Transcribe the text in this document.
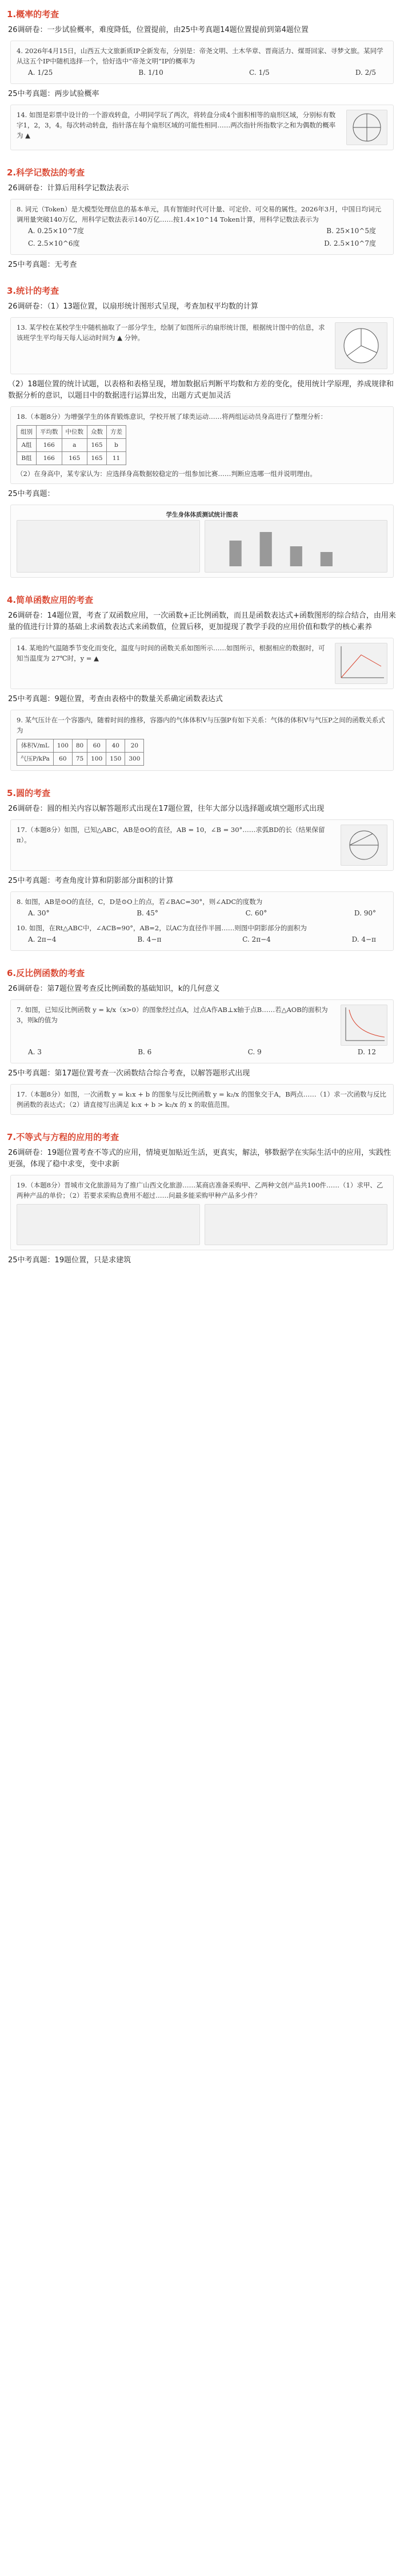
1.概率的考查
26调研卷：一步试验概率，难度降低，位置提前，由25中考真题14题位置提前到第4题位置
4. 2026年4月15日，山西五大文旅新质IP全新发布，分别是：帝尧文明、土木华章、晋商活力、煤哥回家、寻梦文旅。某同学从这五个IP中随机选择一个，恰好选中“帝尧文明”IP的概率为
A. 1/25	B. 1/10	C. 1/5	D. 2/5
25中考真题：两步试验概率
14. 如图是彩票中设计的一个游戏转盘，小明同学玩了两次，将转盘分成4个面积相等的扇形区域，分别标有数字1，2，3，4。每次转动转盘，指针落在每个扇形区域的可能性相同……两次指针所指数字之和为偶数的概率为 ▲
2.科学记数法的考查
26调研卷：计算后用科学记数法表示
8. 词元（Token）是大模型处理信息的基本单元，具有智能时代可计量、可定价、可交易的属性。2026年3月，中国日均词元调用量突破140万亿，用科学记数法表示140万亿……按1.4×10^14 Token计算，用科学记数法表示为
A. 0.25×10^7度	B. 25×10^5度
C. 2.5×10^6度	D. 2.5×10^7度
25中考真题：无考查
3.统计的考查
26调研卷：（1）13题位置，以扇形统计图形式呈现，考查加权平均数的计算
13. 某学校在某校学生中随机抽取了一部分学生，绘制了如图所示的扇形统计图，根据统计图中的信息，求该班学生平均每天每人运动时间为 ▲ 分钟。
（2）18题位置的统计试题，以表格和表格呈现，增加数据后判断平均数和方差的变化，使用统计学原理，养成规律和数据分析的意识，以题目中的数据进行运算出发，出题方式更加灵活
18.（本题8分）为增强学生的体育锻炼意识，学校开展了球类运动……将两组运动员身高进行了整理分析：
组别	平均数	中位数	众数	方差
A组	166	a	165	b
B组	166	165	165	11
（2）在身高中，某专家认为：应选择身高数据较稳定的一组参加比赛……判断应选哪一组并说明理由。
25中考真题：
学生身体体质测试统计图表
4.简单函数应用的考查
26调研卷：14题位置，考查了双函数应用，一次函数+正比例函数，而且是函数表达式+函数图形的综合结合，由用来量的值进行计算的基础上求函数表达式来函数值，位置后移，更加提现了教学手段的应用价值和数学的核心素养
14. 某地的气温随季节变化而变化，温度与时间的函数关系如图所示……如图所示，根据相应的数据时，可知当温度为 27℃时，y = ▲
25中考真题：9题位置，考查由表格中的数量关系确定函数表达式
9. 某气压计在一个容器内，随着时间的推移，容器内的气体体积V与压强P有如下关系：气体的体积V与气压P之间的函数关系式为
体积V/mL	100	80	60	40	20
气压P/kPa	60	75	100	150	300
5.圆的考查
26调研卷：圆的相关内容以解答题形式出现在17题位置，往年大部分以选择题或填空题形式出现
17.（本题8分）如图，已知△ABC，AB是⊙O的直径，AB = 10，∠B = 30°……求弧BD的长（结果保留π）。
25中考真题：考查角度计算和阴影部分面积的计算
8. 如图，AB是⊙O的直径，C，D是⊙O上的点，若∠BAC=30°，则∠ADC的度数为
A. 30°	B. 45°	C. 60°	D. 90°
10. 如图，在Rt△ABC中，∠ACB=90°，AB=2，以AC为直径作半圆……则图中阴影部分的面积为
A. 2π−4	B. 4−π	C. 2π−4	D. 4−π
6.反比例函数的考查
26调研卷：第7题位置考查反比例函数的基础知识，k的几何意义
7. 如图，已知反比例函数 y = k/x（x>0）的图象经过点A，过点A作AB⊥x轴于点B……若△AOB的面积为3，则k的值为
A. 3	B. 6	C. 9	D. 12
25中考真题：第17题位置考查一次函数结合综合考查，以解答题形式出现
17.（本题8分）如图，一次函数 y = k₁x + b 的图象与反比例函数 y = k₂/x 的图象交于A，B两点……（1）求一次函数与反比例函数的表达式；（2）请直接写出满足 k₁x + b > k₂/x 的 x 的取值范围。
7.不等式与方程的应用的考查
26调研卷：19题位置考查不等式的应用，情境更加贴近生活，更真实，解法，够数据学在实际生活中的应用，实践性更强，体现了稳中求变，变中求新
19.（本题8分）晋城市文化旅游局为了推广山西文化旅游……某商店准备采购甲、乙两种文创产品共100件……（1）求甲、乙两种产品的单价；（2）若要求采购总费用不超过……问最多能采购甲种产品多少件？
25中考真题：19题位置，只是求建筑
